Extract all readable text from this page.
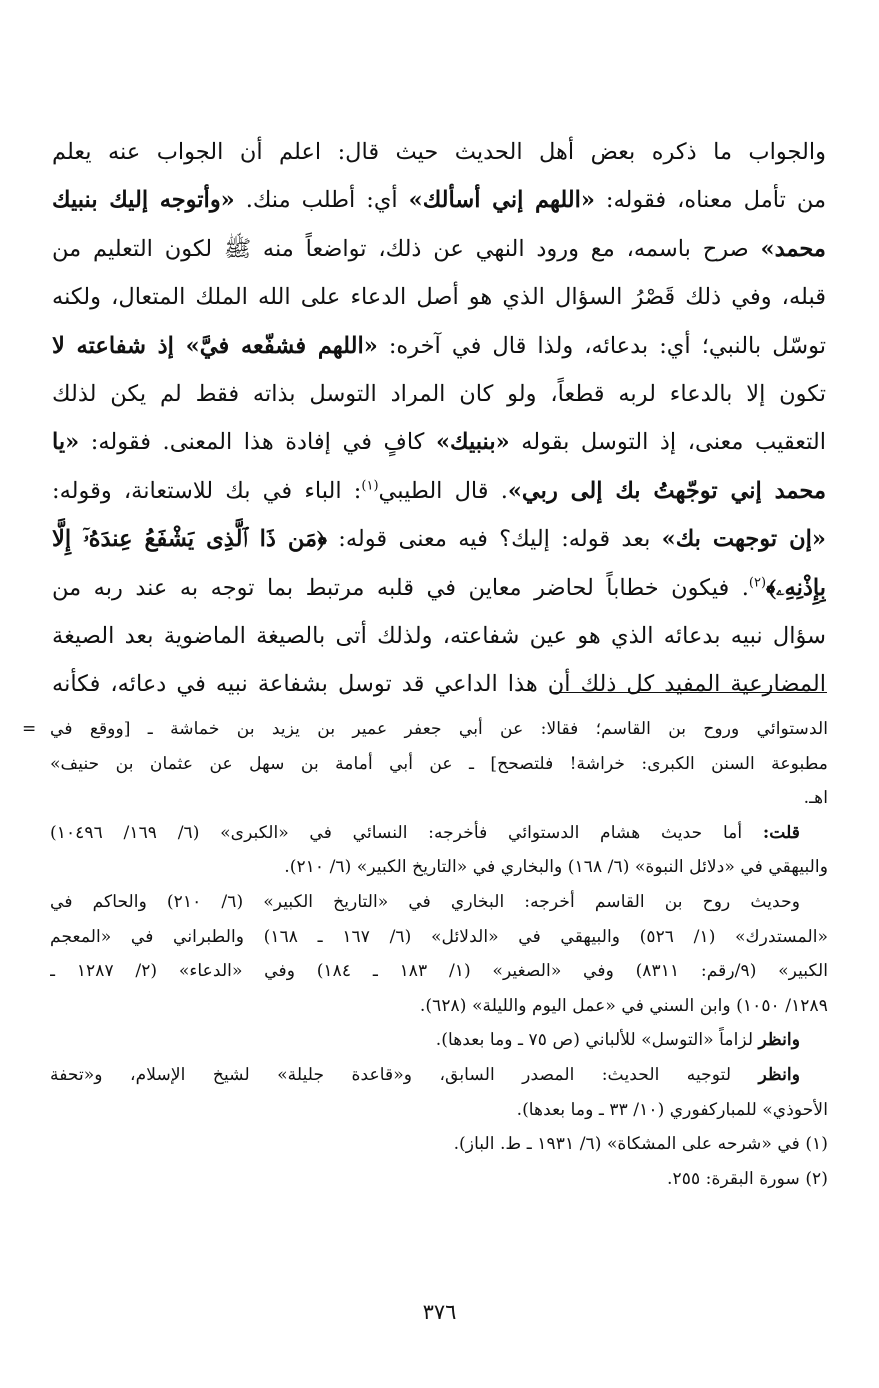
والجواب ما ذكره بعض أهل الحديث حيث قال: اعلم أن الجواب عنه يعلم
من تأمل معناه، فقوله: «اللهم إني أسألك» أي: أطلب منك. «وأتوجه إليك بنبيك
محمد» صرح باسمه، مع ورود النهي عن ذلك، تواضعاً منه ﷺ لكون التعليم من
قبله، وفي ذلك قَصْرُ السؤال الذي هو أصل الدعاء على الله الملك المتعال، ولكنه
توسّل بالنبي؛ أي: بدعائه، ولذا قال في آخره: «اللهم فشفّعه فيَّ» إذ شفاعته لا
تكون إلا بالدعاء لربه قطعاً، ولو كان المراد التوسل بذاته فقط لم يكن لذلك
التعقيب معنى، إذ التوسل بقوله «بنبيك» كافٍ في إفادة هذا المعنى. فقوله: «يا
محمد إني توجّهتُ بك إلى ربي». قال الطيبي$^{(١)}$: الباء في بك للاستعانة، وقوله:
«إن توجهت بك» بعد قوله: إليك؟ فيه معنى قوله: ﴿مَن ذَا ٱلَّذِى يَشْفَعُ عِندَهُۥٓ إِلَّا
بِإِذْنِهِۦ﴾$^{(٢)}$. فيكون خطاباً لحاضر معاين في قلبه مرتبط بما توجه به عند ربه من
سؤال نبيه بدعائه الذي هو عين شفاعته، ولذلك أتى بالصيغة الماضوية بعد الصيغة
المضارعية المفيد كل ذلك أن هذا الداعي قد توسل بشفاعة نبيه في دعائه، فكأنه
= الدستوائي وروح بن القاسم؛ فقالا: عن أبي جعفر عمير بن يزيد بن خماشة ـ [ووقع في
مطبوعة السنن الكبرى: خراشة! فلتصحح] ـ عن أبي أمامة بن سهل عن عثمان بن حنيف»
اهـ.
قلت: أما حديث هشام الدستوائي فأخرجه: النسائي في «الكبرى» (٦/ ١٦٩/ ١٠٤٩٦)
والبيهقي في «دلائل النبوة» (٦/ ١٦٨) والبخاري في «التاريخ الكبير» (٦/ ٢١٠).
وحديث روح بن القاسم أخرجه: البخاري في «التاريخ الكبير» (٦/ ٢١٠) والحاكم في
«المستدرك» (١/ ٥٢٦) والبيهقي في «الدلائل» (٦/ ١٦٧ ـ ١٦٨) والطبراني في «المعجم
الكبير» (٩/رقم: ٨٣١١) وفي «الصغير» (١/ ١٨٣ ـ ١٨٤) وفي «الدعاء» (٢/ ١٢٨٧ ـ
١٢٨٩/ ١٠٥٠) وابن السني في «عمل اليوم والليلة» (٦٢٨).
وانظر لزاماً «التوسل» للألباني (ص ٧٥ ـ وما بعدها).
وانظر لتوجيه الحديث: المصدر السابق، و«قاعدة جليلة» لشيخ الإسلام، و«تحفة
الأحوذي» للمباركفوري (١٠/ ٣٣ ـ وما بعدها).
(١) في «شرحه على المشكاة» (٦/ ١٩٣١ ـ ط. الباز).
(٢) سورة البقرة: ٢٥٥.
٣٧٦
